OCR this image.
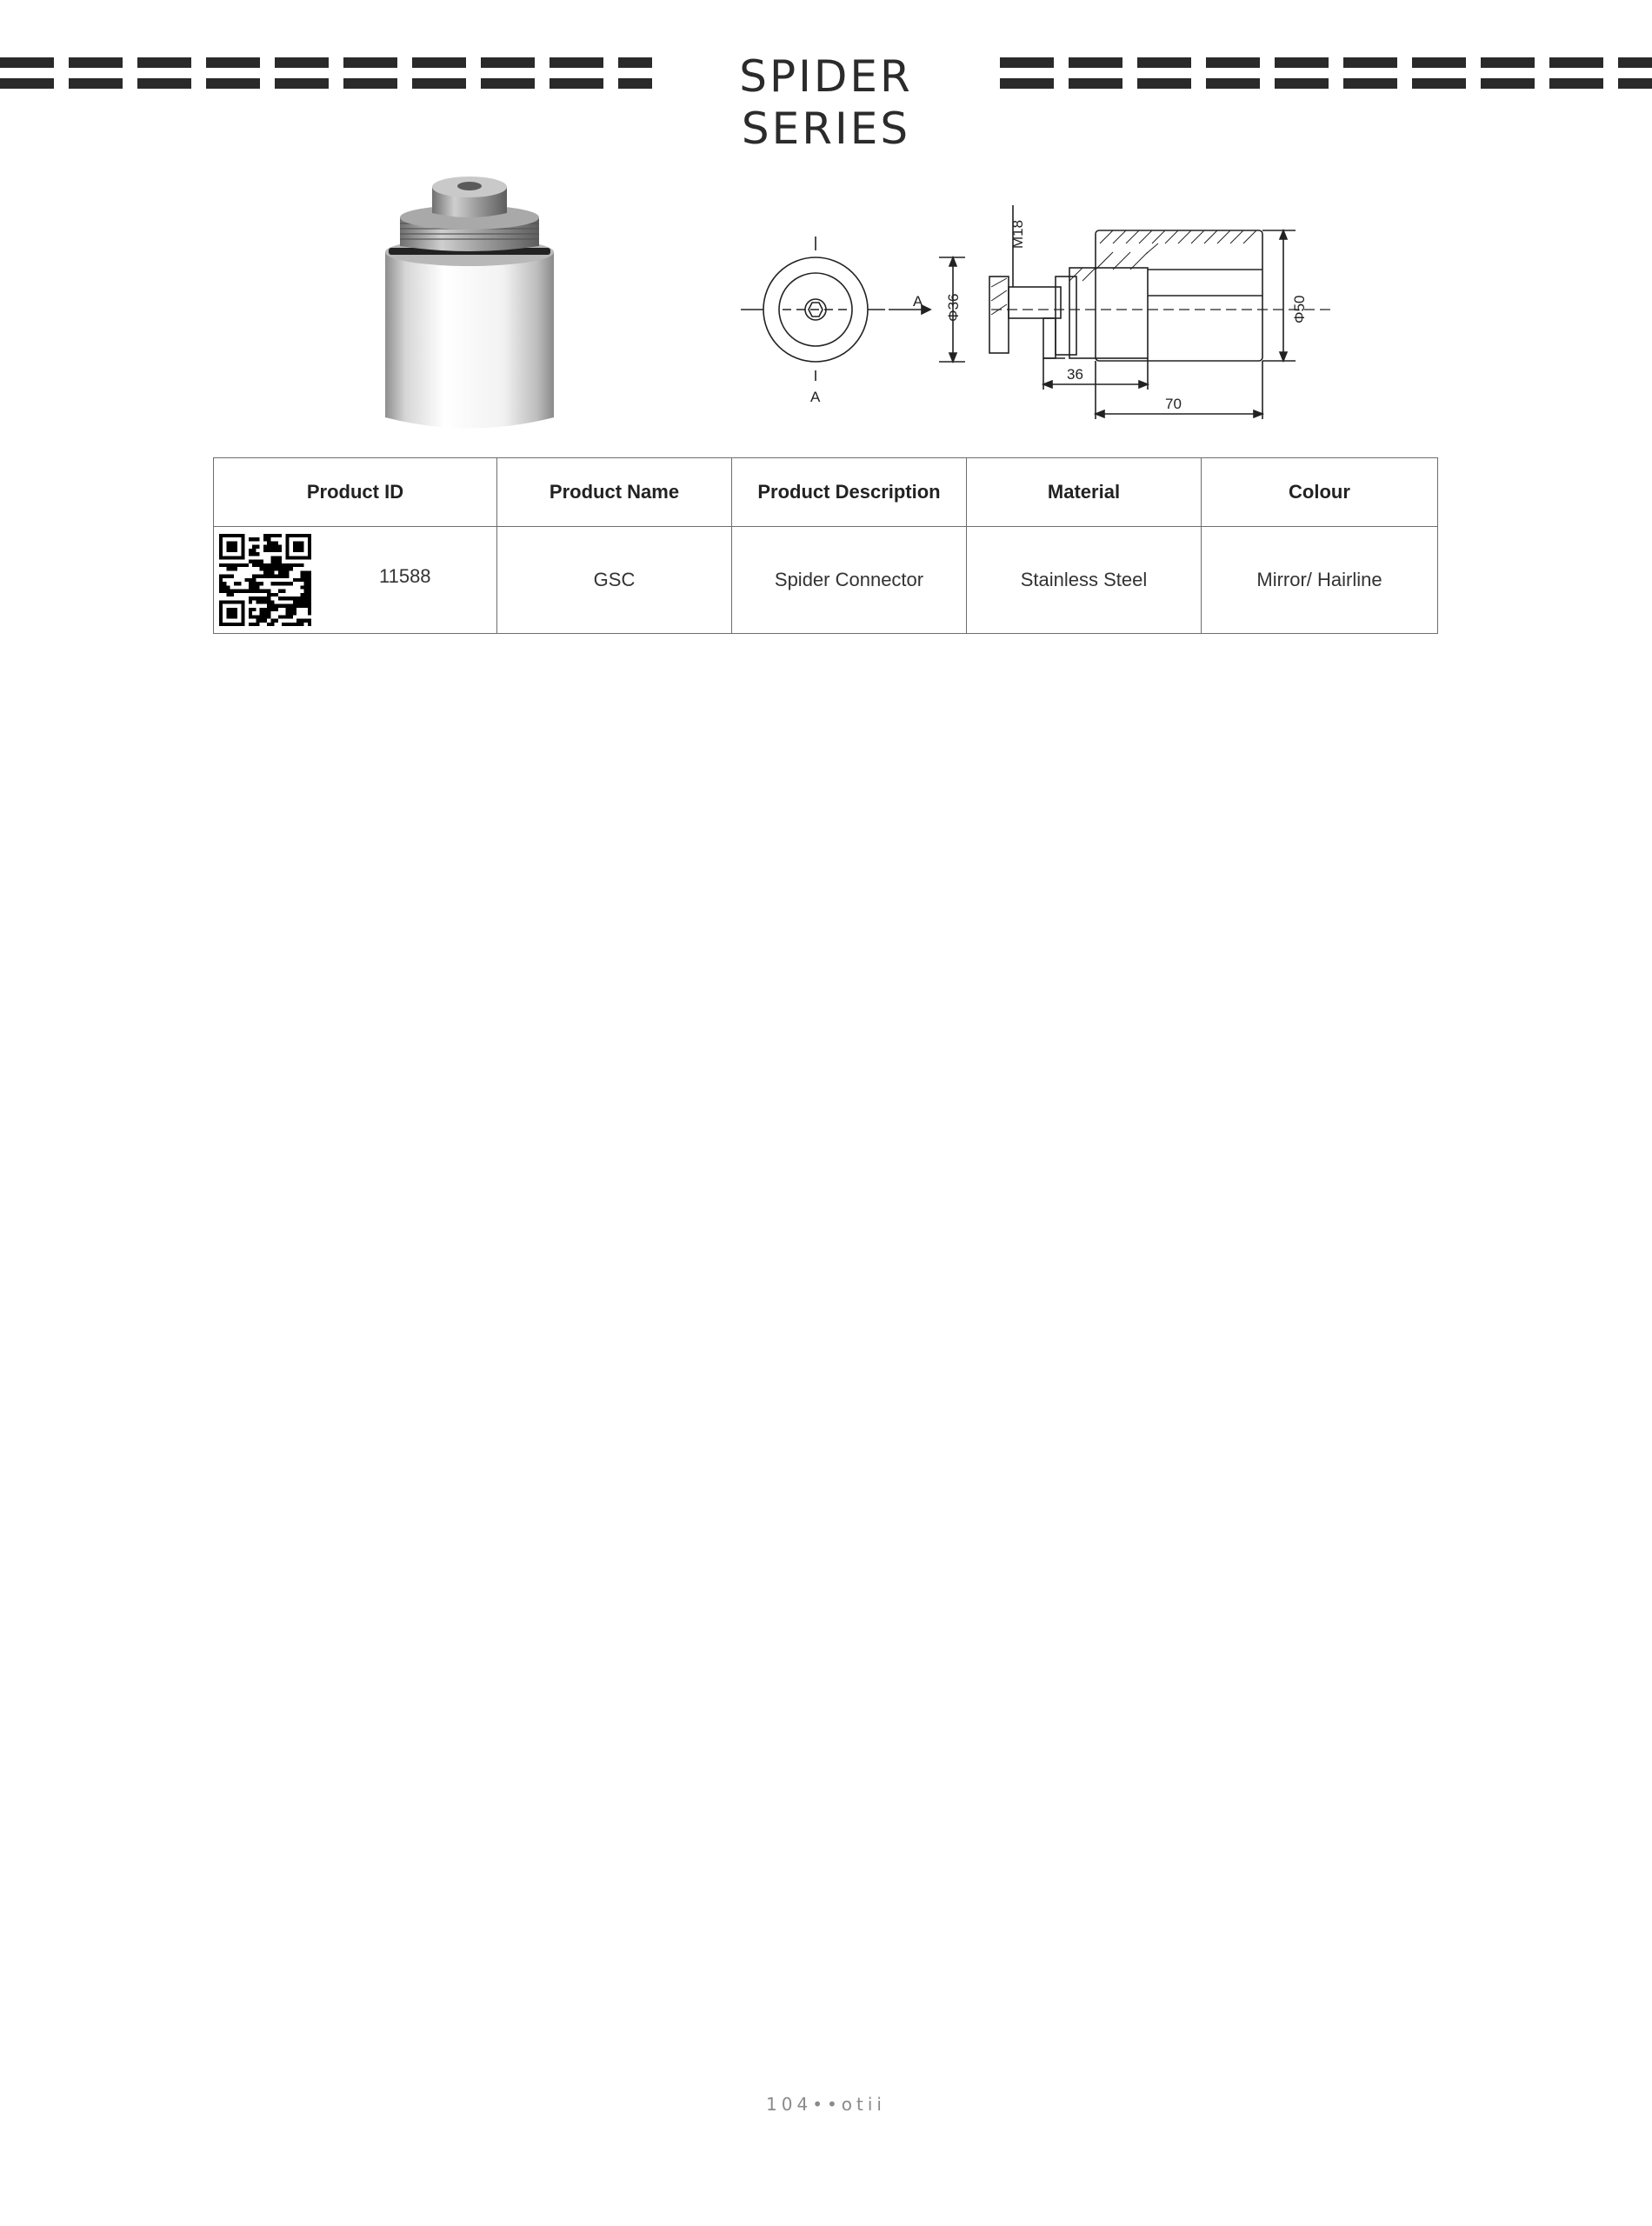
SPIDER SERIES
A
A
Φ36
M18
Φ50
36
70
Product ID	Product Name	Product Description	Material	Colour

11588	GSC	Spider Connector	Stainless Steel	Mirror/ Hairline
104••otii
